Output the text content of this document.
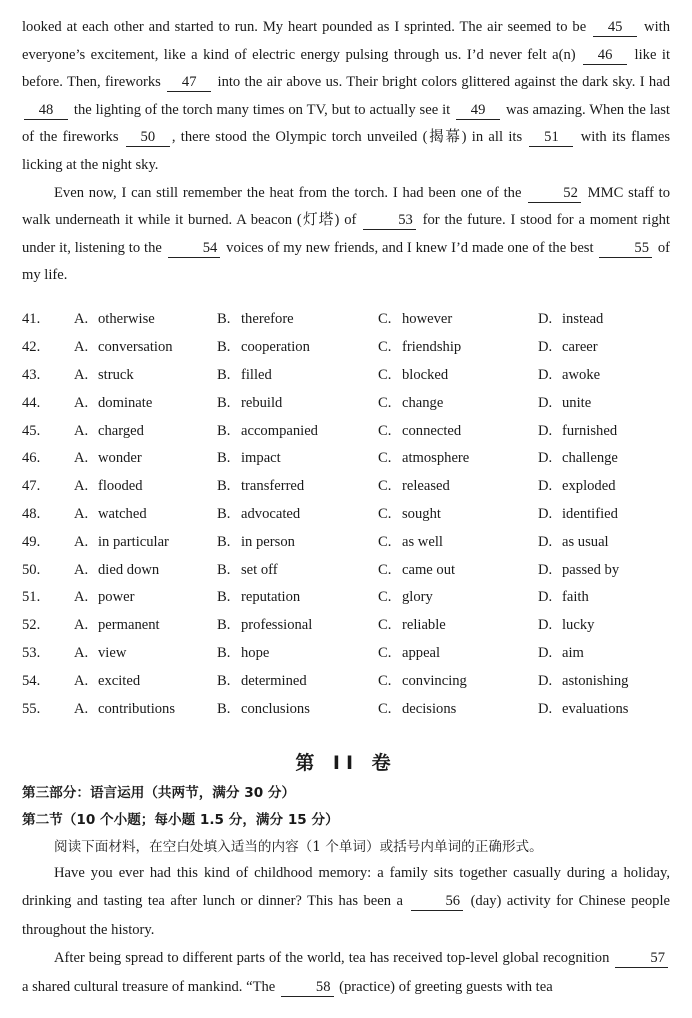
looked at each other and started to run. My heart pounded as I sprinted. The air seemed to be 45 with everyone’s excitement, like a kind of electric energy pulsing through us. I’d never felt a(n) 46 like it before. Then, fireworks 47 into the air above us. Their bright colors glittered against the dark sky. I had 48 the lighting of the torch many times on TV, but to actually see it 49 was amazing. When the last of the fireworks 50 , there stood the Olympic torch unveiled (揭幕) in all its 51 with its flames licking at the night sky.

Even now, I can still remember the heat from the torch. I had been one of the	52 MMC staff to walk underneath it while it burned. A beacon (灯塔) of	53 for the future. I stood for a moment right under it, listening to the	54 voices of my new friends, and I knew I’d made one of the best	55 of my life.

41.	A. otherwise	B. therefore	C. however	D. instead
42.	A. conversation	B. cooperation	C. friendship	D. career
43.	A. struck	B. filled	C. blocked	D. awoke
44.	A. dominate	B. rebuild	C. change	D. unite
45.	A. charged	B. accompanied	C. connected	D. furnished
46.	A. wonder	B. impact	C. atmosphere	D. challenge
47.	A. flooded	B. transferred	C. released	D. exploded
48.	A. watched	B. advocated	C. sought	D. identified
49.	A. in particular	B. in person	C. as well	D. as usual
50.	A. died down	B. set off	C. came out	D. passed by
51.	A. power	B. reputation	C. glory	D. faith
52.	A. permanent	B. professional	C. reliable	D. lucky
53.	A. view	B. hope	C. appeal	D. aim
54.	A. excited	B. determined	C. convincing	D. astonishing
55.	A. contributions	B. conclusions	C. decisions	D. evaluations
第 II 卷
第三部分：语言运用（共两节，满分 30 分）
第二节（10 个小题；每小题 1.5 分，满分 15 分）
阅读下面材料，在空白处填入适当的内容（1 个单词）或括号内单词的正确形式。

Have you ever had this kind of childhood memory: a family sits together casually during a holiday, drinking and tasting tea after lunch or dinner? This has been a	56 (day) activity for Chinese people throughout the history.

After being spread to different parts of the world, tea has received top-level global recognition	57 a shared cultural treasure of mankind. “The	58 (practice) of greeting guests with tea
